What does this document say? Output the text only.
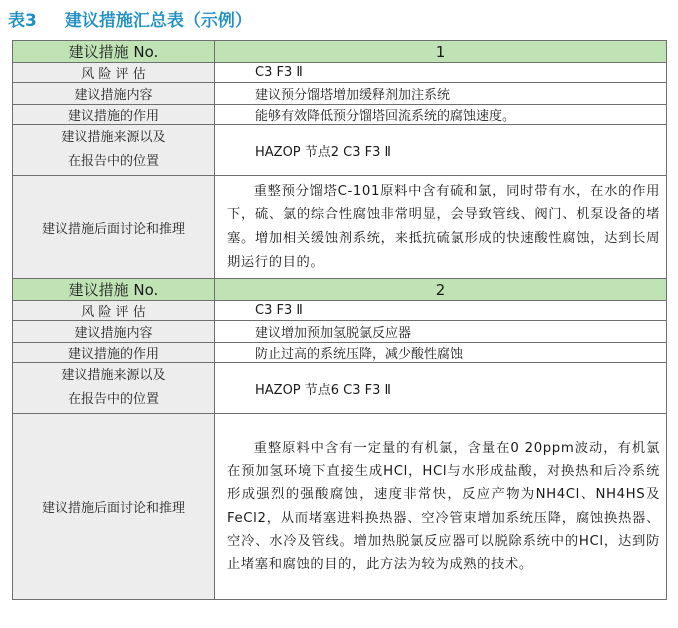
表3 建议措施汇总表（示例）
建议措施 No.	1
风 险 评 估	C3 F3 Ⅱ
建议措施内容	建议预分馏塔增加缓释剂加注系统
建议措施的作用	能够有效降低预分馏塔回流系统的腐蚀速度。

建议措施来源以及
在报告中的位置	HAZOP 节点2 C3 F3 Ⅱ
建议措施后面讨论和推理	重整预分馏塔C-101原料中含有硫和氯，同时带有水，在水的作用下，硫、氯的综合性腐蚀非常明显，会导致管线、阀门、机泵设备的堵塞。增加相关缓蚀剂系统，来抵抗硫氯形成的快速酸性腐蚀，达到长周期运行的目的。
建议措施 No.	2
风 险 评 估	C3 F3 Ⅱ
建议措施内容	建议增加预加氢脱氯反应器
建议措施的作用	防止过高的系统压降，减少酸性腐蚀

建议措施来源以及
在报告中的位置	HAZOP 节点6 C3 F3 Ⅱ
建议措施后面讨论和推理	重整原料中含有一定量的有机氯，含量在0 20ppm波动，有机氯在预加氢环境下直接生成HCl，HCl与水形成盐酸，对换热和后冷系统形成强烈的强酸腐蚀，速度非常快，反应产物为NH4Cl、NH4HS及FeCl2，从而堵塞进料换热器、空冷管束增加系统压降，腐蚀换热器、空冷、水冷及管线。增加热脱氯反应器可以脱除系统中的HCl，达到防止堵塞和腐蚀的目的，此方法为较为成熟的技术。
